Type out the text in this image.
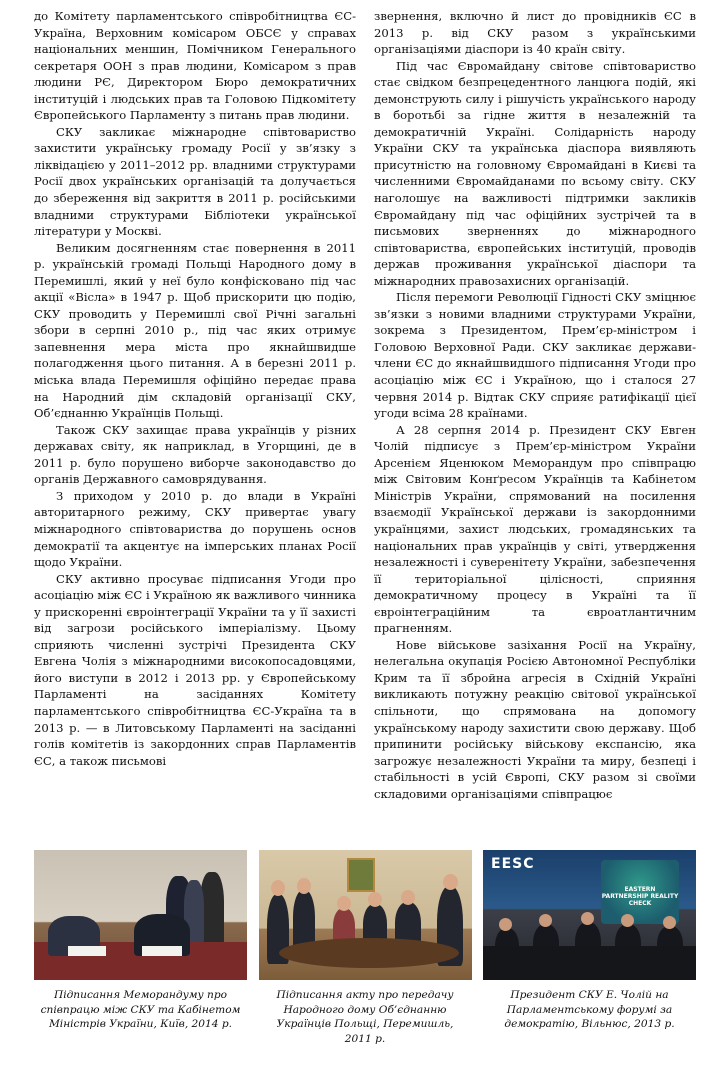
до Комітету парламентського співробітництва ЄС-Україна, Верховним комісаром ОБСЄ у справах національних меншин, Помічником Генерального секретаря ООН з прав людини, Комісаром з прав людини РЄ, Директором Бюро демократичних інституцій і людських прав та Головою Підкомітету Європейського Парламенту з питань прав людини.

СКУ закликає міжнародне співтовариство захистити українську громаду Росії у зв’язку з ліквідацією у 2011–2012 рр. владними структурами Росії двох українських організацій та долучається до збереження від закриття в 2011 р. російськими владними структурами Бібліотеки української літератури у Москві.

Великим досягненням стає повернення в 2011 р. українській громаді Польщі Народного дому в Перемишлі, який у неї було конфісковано під час акції «Вісла» в 1947 р. Щоб прискорити цю подію, СКУ проводить у Перемишлі свої Річні загальні збори в серпні 2010 р., під час яких отримує запевнення мера міста про якнайшвидше полагодження цього питання. А в березні 2011 р. міська влада Перемишля офіційно передає права на Народний дім складовій організації СКУ, Об’єднанню Українців Польщі.

Також СКУ захищає права українців у різних державах світу, як наприклад, в Угорщині, де в 2011 р. було порушено виборче законодавство до органів Державного самоврядування.

З приходом у 2010 р. до влади в Україні авторитарного режиму, СКУ привертає увагу міжнародного співтовариства до порушень основ демократії та акцентує на імперських планах Росії щодо України.

СКУ активно просуває підписання Угоди про асоціацію між ЄС і Україною як важливого чинника у прискоренні євроінтеграції України та у її захисті від загрози російського імперіалізму. Цьому сприяють численні зустрічі Президента СКУ Евгена Чолія з міжнародними високопосадовцями, його виступи в 2012 і 2013 рр. у Європейському Парламенті на засіданнях Комітету парламентського співробітництва ЄС-Україна та в 2013 р. — в Литовському Парламенті на засіданні голів комітетів із закордонних справ Парламентів ЄС, а також письмові

звернення, включно й лист до провідників ЄС в 2013 р. від СКУ разом з українськими організаціями діаспори із 40 країн світу.

Під час Євромайдану світове співтовариство стає свідком безпрецедентного ланцюга подій, які демонструють силу і рішучість українського народу в боротьбі за гідне життя в незалежній та демократичній Україні. Солідарність народу України СКУ та українська діаспора виявляють присутністю на головному Євромайдані в Києві та численними Євромайданами по всьому світу. СКУ наголошує на важливості підтримки закликів Євромайдану під час офіційних зустрічей та в письмових зверненнях до міжнародного співтовариства, європейських інституцій, проводів держав проживання української діаспори та міжнародних правозахисних організацій.

Після перемоги Революції Гідності СКУ зміцнює зв’язки з новими владними структурами України, зокрема з Президентом, Прем’єр-міністром і Головою Верховної Ради. СКУ закликає держави-члени ЄС до якнайшвидшого підписання Угоди про асоціацію між ЄС і Україною, що і сталося 27 червня 2014 р. Відтак СКУ сприяє ратифікації цієї угоди всіма 28 країнами.

А 28 серпня 2014 р. Президент СКУ Евген Чолій підписує з Прем’єр-міністром України Арсенієм Яценюком Меморандум про співпрацю між Світовим Конґресом Українців та Кабінетом Міністрів України, спрямований на посилення взаємодії Української держави із закордонними українцями, захист людських, громадянських та національних прав українців у світі, утвердження незалежності і суверенітету України, забезпечення її територіальної цілісності, сприяння демократичному процесу в Україні та її євроінтеграційним та євроатлантичним прагненням.

Нове військове зазіхання Росії на Україну, нелегальна окупація Росією Автономної Республіки Крим та її збройна агресія в Східній Україні викликають потужну реакцію світової української спільноти, що спрямована на допомогу українському народу захистити свою державу. Щоб припинити російську військову експансію, яка загрожує незалежності України та миру, безпеці і стабільності в усій Європі, СКУ разом зі своїми складовими організаціями співпрацює

Підписання Меморандуму про співпрацю між СКУ та Кабінетом Міністрів України, Київ, 2014 р.
Підписання акту про передачу Народного дому Об’єднанню Українців Польщі, Перемишль, 2011 р.
EESC
EASTERN PARTNERSHIP REALITY CHECK
Президент СКУ Е. Чолій на Парламентському форумі за демократію, Вільнюс, 2013 р.
